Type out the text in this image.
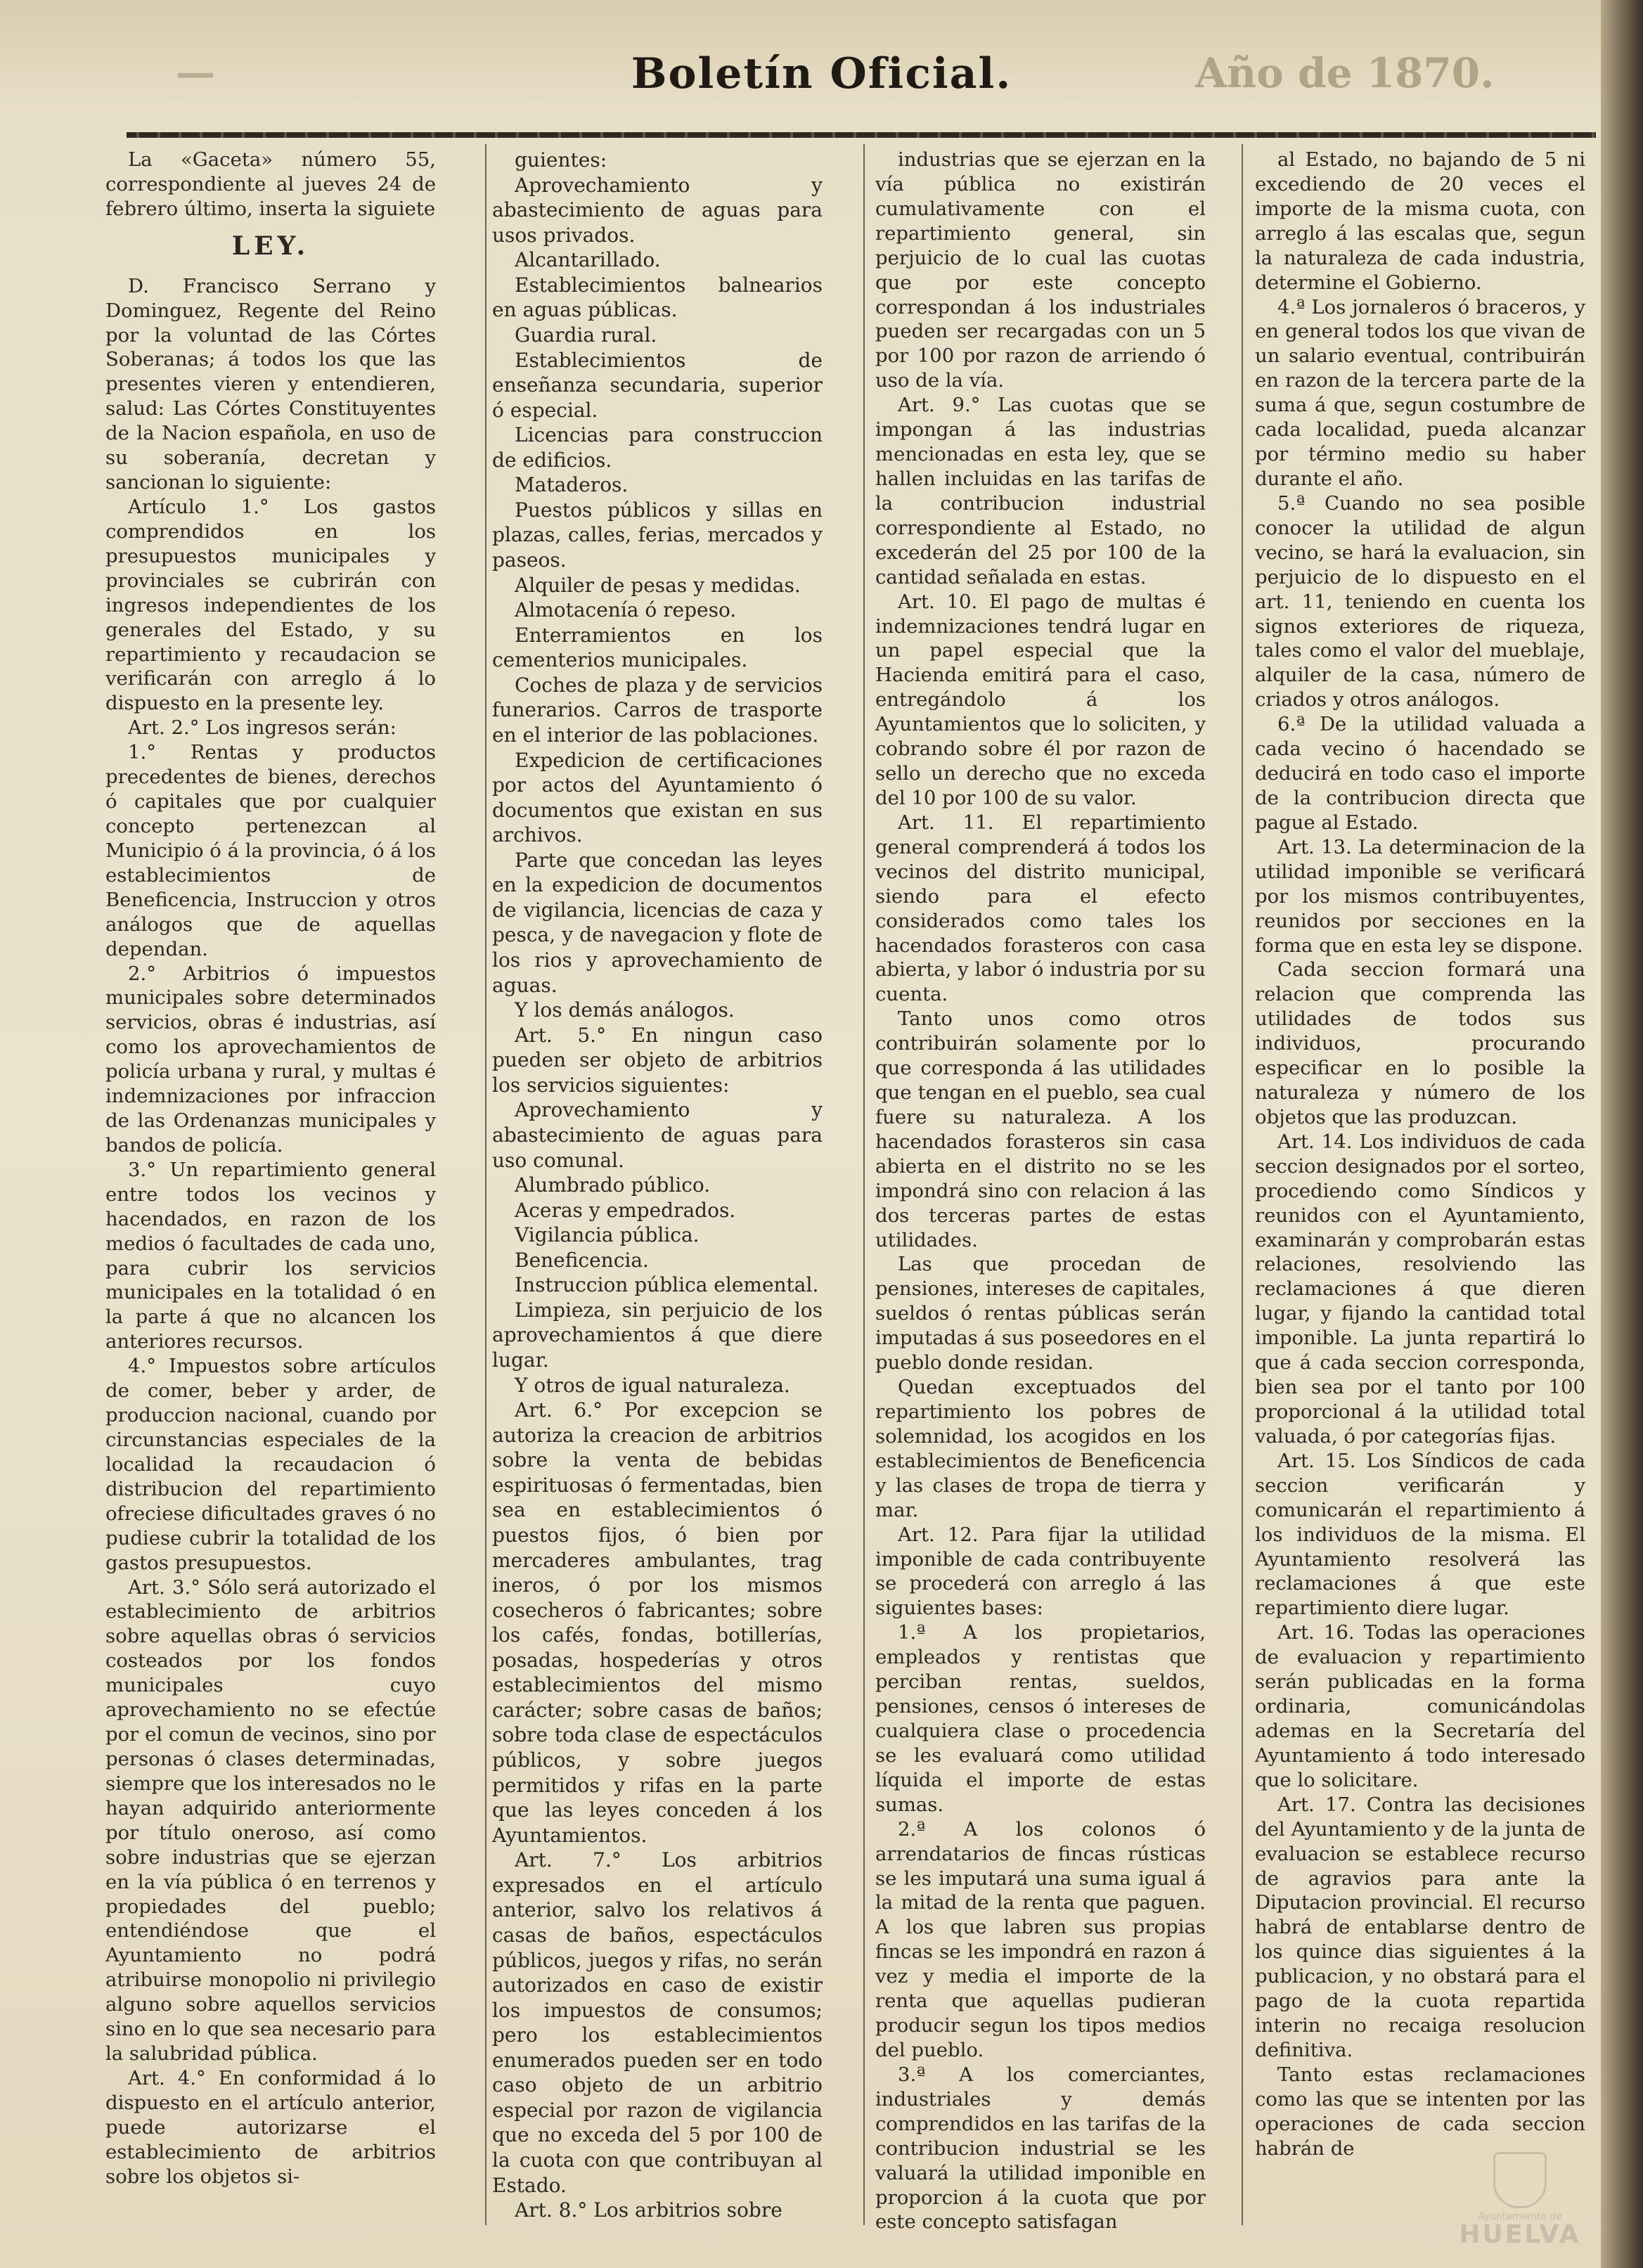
—	Año de 1870.
Boletín Oficial.

La «Gaceta» número 55, correspondiente al jueves 24 de febrero último, inserta la siguiete

LEY.

D. Francisco Serrano y Dominguez, Regente del Reino por la voluntad de las Córtes Soberanas; á todos los que las presentes vieren y entendieren, salud: Las Córtes Constituyentes de la Nacion española, en uso de su soberanía, decretan y sancionan lo siguiente:

Artículo 1.° Los gastos comprendidos en los presupuestos municipales y provinciales se cubrirán con ingresos independientes de los generales del Estado, y su repartimiento y recaudacion se verificarán con arreglo á lo dispuesto en la presente ley.

Art. 2.° Los ingresos serán:

1.° Rentas y productos precedentes de bienes, derechos ó capitales que por cualquier concepto pertenezcan al Municipio ó á la provincia, ó á los establecimientos de Beneficencia, Instruccion y otros análogos que de aquellas dependan.

2.° Arbitrios ó impuestos municipales sobre determinados servicios, obras é industrias, así como los aprovechamientos de policía urbana y rural, y multas é indemnizaciones por infraccion de las Ordenanzas municipales y bandos de policía.

3.° Un repartimiento general entre todos los vecinos y hacendados, en razon de los medios ó facultades de cada uno, para cubrir los servicios municipales en la totalidad ó en la parte á que no alcancen los anteriores recursos.

4.° Impuestos sobre artículos de comer, beber y arder, de produccion nacional, cuando por circunstancias especiales de la localidad la recaudacion ó distribucion del repartimiento ofreciese dificultades graves ó no pudiese cubrir la totalidad de los gastos presupuestos.

Art. 3.° Sólo será autorizado el establecimiento de arbitrios sobre aquellas obras ó servicios costeados por los fondos municipales cuyo aprovechamiento no se efectúe por el comun de vecinos, sino por personas ó clases determinadas, siempre que los interesados no le hayan adquirido anteriormente por título oneroso, así como sobre industrias que se ejerzan en la vía pública ó en terrenos y propiedades del pueblo; entendiéndose que el Ayuntamiento no podrá atribuirse monopolio ni privilegio alguno sobre aquellos servicios sino en lo que sea necesario para la salubridad pública.

Art. 4.° En conformidad á lo dispuesto en el artículo anterior, puede autorizarse el establecimiento de arbitrios sobre los objetos si-

guientes:

Aprovechamiento y abastecimiento de aguas para usos privados.

Alcantarillado.

Establecimientos balnearios en aguas públicas.

Guardia rural.

Establecimientos de enseñanza secundaria, superior ó especial.

Licencias para construccion de edificios.

Mataderos.

Puestos públicos y sillas en plazas, calles, ferias, mercados y paseos.

Alquiler de pesas y medidas.

Almotacenía ó repeso.

Enterramientos en los cementerios municipales.

Coches de plaza y de servicios funerarios. Carros de trasporte en el interior de las poblaciones.

Expedicion de certificaciones por actos del Ayuntamiento ó documentos que existan en sus archivos.

Parte que concedan las leyes en la expedicion de documentos de vigilancia, licencias de caza y pesca, y de navegacion y flote de los rios y aprovechamiento de aguas.

Y los demás análogos.

Art. 5.° En ningun caso pueden ser objeto de arbitrios los servicios siguientes:

Aprovechamiento y abastecimiento de aguas para uso comunal.

Alumbrado público.

Aceras y empedrados.

Vigilancia pública.

Beneficencia.

Instruccion pública elemental.

Limpieza, sin perjuicio de los aprovechamientos á que diere lugar.

Y otros de igual naturaleza.

Art. 6.° Por excepcion se autoriza la creacion de arbitrios sobre la venta de bebidas espirituosas ó fermentadas, bien sea en establecimientos ó puestos fijos, ó bien por mercaderes ambulantes, trag ineros, ó por los mismos cosecheros ó fabricantes; sobre los cafés, fondas, botillerías, posadas, hospederías y otros establecimientos del mismo carácter; sobre casas de baños; sobre toda clase de espectáculos públicos, y sobre juegos permitidos y rifas en la parte que las leyes conceden á los Ayuntamientos.

Art. 7.° Los arbitrios expresados en el artículo anterior, salvo los relativos á casas de baños, espectáculos públicos, juegos y rifas, no serán autorizados en caso de existir los impuestos de consumos; pero los establecimientos enumerados pueden ser en todo caso objeto de un arbitrio especial por razon de vigilancia que no exceda del 5 por 100 de la cuota con que contribuyan al Estado.

Art. 8.° Los arbitrios sobre

industrias que se ejerzan en la vía pública no existirán cumulativamente con el repartimiento general, sin perjuicio de lo cual las cuotas que por este concepto correspondan á los industriales pueden ser recargadas con un 5 por 100 por razon de arriendo ó uso de la vía.

Art. 9.° Las cuotas que se impongan á las industrias mencionadas en esta ley, que se hallen incluidas en las tarifas de la contribucion industrial correspondiente al Estado, no excederán del 25 por 100 de la cantidad señalada en estas.

Art. 10. El pago de multas é indemnizaciones tendrá lugar en un papel especial que la Hacienda emitirá para el caso, entregándolo á los Ayuntamientos que lo soliciten, y cobrando sobre él por razon de sello un derecho que no exceda del 10 por 100 de su valor.

Art. 11. El repartimiento general comprenderá á todos los vecinos del distrito municipal, siendo para el efecto considerados como tales los hacendados forasteros con casa abierta, y labor ó industria por su cuenta.

Tanto unos como otros contribuirán solamente por lo que corresponda á las utilidades que tengan en el pueblo, sea cual fuere su naturaleza. A los hacendados forasteros sin casa abierta en el distrito no se les impondrá sino con relacion á las dos terceras partes de estas utilidades.

Las que procedan de pensiones, intereses de capitales, sueldos ó rentas públicas serán imputadas á sus poseedores en el pueblo donde residan.

Quedan exceptuados del repartimiento los pobres de solemnidad, los acogidos en los establecimientos de Beneficencia y las clases de tropa de tierra y mar.

Art. 12. Para fijar la utilidad imponible de cada contribuyente se procederá con arreglo á las siguientes bases:

1.ª A los propietarios, empleados y rentistas que perciban rentas, sueldos, pensiones, censos ó intereses de cualquiera clase o procedencia se les evaluará como utilidad líquida el importe de estas sumas.

2.ª A los colonos ó arrendatarios de fincas rústicas se les imputará una suma igual á la mitad de la renta que paguen. A los que labren sus propias fincas se les impondrá en razon á vez y media el importe de la renta que aquellas pudieran producir segun los tipos medios del pueblo.

3.ª A los comerciantes, industriales y demás comprendidos en las tarifas de la contribucion industrial se les valuará la utilidad imponible en proporcion á la cuota que por este concepto satisfagan

al Estado, no bajando de 5 ni excediendo de 20 veces el importe de la misma cuota, con arreglo á las escalas que, segun la naturaleza de cada industria, determine el Gobierno.

4.ª Los jornaleros ó braceros, y en general todos los que vivan de un salario eventual, contribuirán en razon de la tercera parte de la suma á que, segun costumbre de cada localidad, pueda alcanzar por término medio su haber durante el año.

5.ª Cuando no sea posible conocer la utilidad de algun vecino, se hará la evaluacion, sin perjuicio de lo dispuesto en el art. 11, teniendo en cuenta los signos exteriores de riqueza, tales como el valor del mueblaje, alquiler de la casa, número de criados y otros análogos.

6.ª De la utilidad valuada a cada vecino ó hacendado se deducirá en todo caso el importe de la contribucion directa que pague al Estado.

Art. 13. La determinacion de la utilidad imponible se verificará por los mismos contribuyentes, reunidos por secciones en la forma que en esta ley se dispone.

Cada seccion formará una relacion que comprenda las utilidades de todos sus individuos, procurando especificar en lo posible la naturaleza y número de los objetos que las produzcan.

Art. 14. Los individuos de cada seccion designados por el sorteo, procediendo como Síndicos y reunidos con el Ayuntamiento, examinarán y comprobarán estas relaciones, resolviendo las reclamaciones á que dieren lugar, y fijando la cantidad total imponible. La junta repartirá lo que á cada seccion corresponda, bien sea por el tanto por 100 proporcional á la utilidad total valuada, ó por categorías fijas.

Art. 15. Los Síndicos de cada seccion verificarán y comunicarán el repartimiento á los individuos de la misma. El Ayuntamiento resolverá las reclamaciones á que este repartimiento diere lugar.

Art. 16. Todas las operaciones de evaluacion y repartimiento serán publicadas en la forma ordinaria, comunicándolas ademas en la Secretaría del Ayuntamiento á todo interesado que lo solicitare.

Art. 17. Contra las decisiones del Ayuntamiento y de la junta de evaluacion se establece recurso de agravios para ante la Diputacion provincial. El recurso habrá de entablarse dentro de los quince dias siguientes á la publicacion, y no obstará para el pago de la cuota repartida interin no recaiga resolucion definitiva.

Tanto estas reclamaciones como las que se intenten por las operaciones de cada seccion habrán de

Ayuntamiento de
HUELVA
